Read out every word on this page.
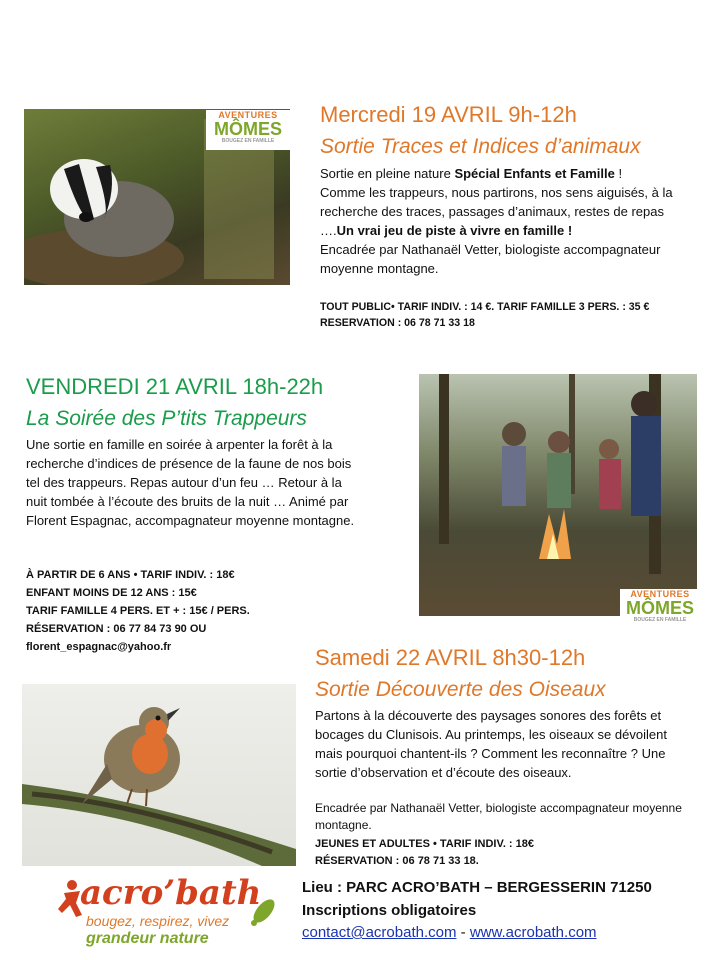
AVENTURES
MÔMES
BOUGEZ EN FAMILLE
Mercredi 19 AVRIL 9h-12h
Sortie Traces et Indices d’animaux
Sortie en pleine nature Spécial Enfants et Famille !
Comme les trappeurs, nous partirons, nos sens aiguisés, à la recherche des traces, passages d’animaux, restes de repas ….Un vrai jeu de piste à vivre en famille !
Encadrée par Nathanaël Vetter, biologiste accompagnateur moyenne montagne.
TOUT PUBLIC• TARIF INDIV. : 14 €. TARIF FAMILLE 3 PERS. : 35 €
RESERVATION : 06 78 71 33 18
VENDREDI 21 AVRIL 18h-22h
La Soirée des P’tits Trappeurs
Une sortie en famille en soirée à arpenter la forêt à la recherche d’indices de présence de la faune de nos bois tel des trappeurs. Repas autour d’un feu … Retour à la nuit tombée à l’écoute des bruits de la nuit … Animé par Florent Espagnac, accompagnateur moyenne montagne.
À PARTIR DE 6 ANS • TARIF INDIV. : 18€
ENFANT MOINS DE 12 ANS : 15€
TARIF FAMILLE 4 PERS. ET + : 15€ / PERS.
RÉSERVATION : 06 77 84 73 90 OU
florent_espagnac@yahoo.fr
AVENTURES
MÔMES
BOUGEZ EN FAMILLE
Samedi 22 AVRIL 8h30-12h
Sortie Découverte des Oiseaux
Partons à la découverte des paysages sonores des forêts et bocages du Clunisois. Au printemps, les oiseaux se dévoilent mais pourquoi chantent-ils ? Comment les reconnaître ? Une sortie d’observation et d’écoute des oiseaux.
Encadrée par Nathanaël Vetter, biologiste accompagnateur moyenne montagne.
JEUNES ET ADULTES • TARIF INDIV. : 18€
RÉSERVATION : 06 78 71 33 18.
acro’bath
bougez, respirez, vivez
grandeur nature
Lieu : PARC ACRO’BATH – BERGESSERIN 71250
Inscriptions obligatoires
contact@acrobath.com - www.acrobath.com
